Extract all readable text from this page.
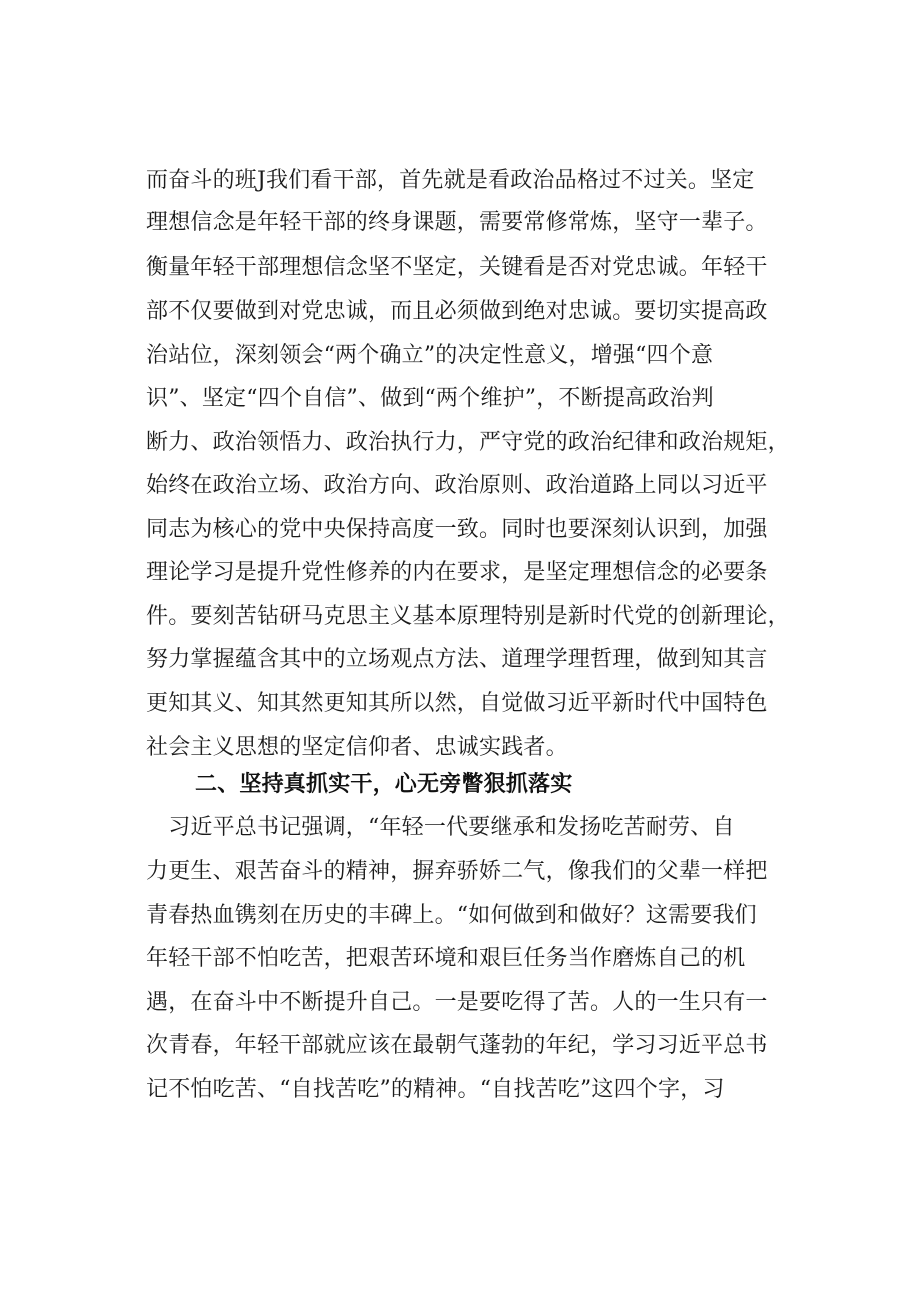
而奋斗的班J我们看干部，首先就是看政治品格过不过关。坚定
理想信念是年轻干部的终身课题，需要常修常炼，坚守一辈子。
衡量年轻干部理想信念坚不坚定，关键看是否对党忠诚。年轻干
部不仅要做到对党忠诚，而且必须做到绝对忠诚。要切实提高政
治站位，深刻领会“两个确立”的决定性意义，增强“四个意
识”、坚定“四个自信”、做到“两个维护”，不断提高政治判
断力、政治领悟力、政治执行力，严守党的政治纪律和政治规矩，
始终在政治立场、政治方向、政治原则、政治道路上同以习近平
同志为核心的党中央保持高度一致。同时也要深刻认识到，加强
理论学习是提升党性修养的内在要求，是坚定理想信念的必要条
件。要刻苦钻研马克思主义基本原理特别是新时代党的创新理论，
努力掌握蕴含其中的立场观点方法、道理学理哲理，做到知其言
更知其义、知其然更知其所以然，自觉做习近平新时代中国特色
社会主义思想的坚定信仰者、忠诚实践者。
二、坚持真抓实干，心无旁瞥狠抓落实
　习近平总书记强调，“年轻一代要继承和发扬吃苦耐劳、自
力更生、艰苦奋斗的精神，摒弃骄娇二气，像我们的父辈一样把
青春热血镌刻在历史的丰碑上。“如何做到和做好？这需要我们
年轻干部不怕吃苦，把艰苦环境和艰巨任务当作磨炼自己的机
遇，在奋斗中不断提升自己。一是要吃得了苦。人的一生只有一
次青春，年轻干部就应该在最朝气蓬勃的年纪，学习习近平总书
记不怕吃苦、“自找苦吃”的精神。“自找苦吃”这四个字，习
